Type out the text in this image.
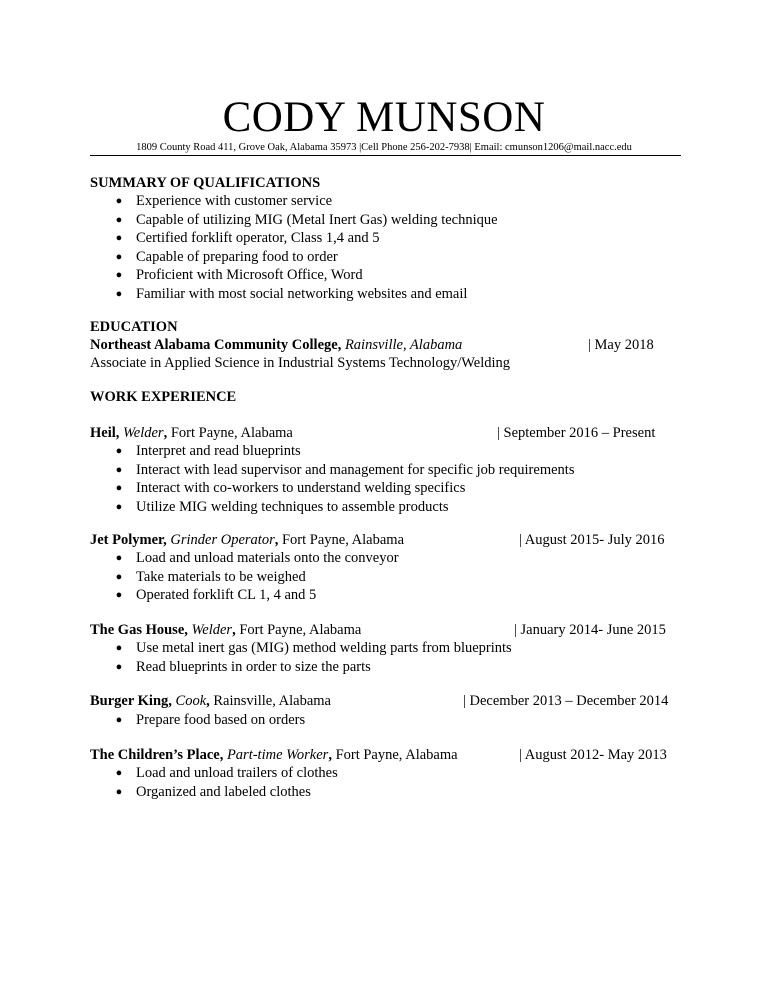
CODY MUNSON
1809 County Road 411, Grove Oak, Alabama 35973 |Cell Phone 256-202-7938| Email: cmunson1206@mail.nacc.edu
SUMMARY OF QUALIFICATIONS
● Experience with customer service
● Capable of utilizing MIG (Metal Inert Gas) welding technique
● Certified forklift operator, Class 1,4 and 5
● Capable of preparing food to order
● Proficient with Microsoft Office, Word
● Familiar with most social networking websites and email
EDUCATION
Northeast Alabama Community College, Rainsville, Alabama	| May 2018
Associate in Applied Science in Industrial Systems Technology/Welding
WORK EXPERIENCE
Heil, Welder, Fort Payne, Alabama	| September 2016 – Present
● Interpret and read blueprints
● Interact with lead supervisor and management for specific job requirements
● Interact with co-workers to understand welding specifics
● Utilize MIG welding techniques to assemble products
Jet Polymer, Grinder Operator, Fort Payne, Alabama	| August 2015- July 2016
● Load and unload materials onto the conveyor
● Take materials to be weighed
● Operated forklift CL 1, 4 and 5
The Gas House, Welder, Fort Payne, Alabama	| January 2014- June 2015
● Use metal inert gas (MIG) method welding parts from blueprints
● Read blueprints in order to size the parts
Burger King, Cook, Rainsville, Alabama	| December 2013 – December 2014
● Prepare food based on orders
The Children’s Place, Part-time Worker, Fort Payne, Alabama	| August 2012- May 2013
● Load and unload trailers of clothes
● Organized and labeled clothes
